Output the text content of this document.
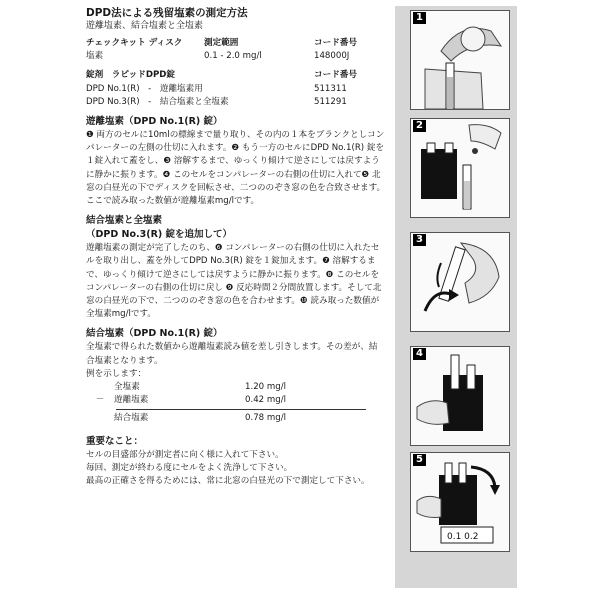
DPD法による残留塩素の測定方法
遊離塩素、結合塩素と全塩素
チェックキット ディスク	測定範囲	コード番号
塩素	0.1 - 2.0 mg/l	148000J
錠剤　ラピッドDPD錠	コード番号
DPD No.1(R)　-　遊離塩素用	511311
DPD No.3(R)　-　結合塩素と全塩素	511291
遊離塩素（DPD No.1(R) 錠）
❶ 両方のセルに10mlの標線まで量り取り、その内の１本をブランクとしコンパレーターの左側の仕切に入れます。❷ もう一方のセルにDPD No.1(R) 錠を１錠入れて蓋をし、❸ 溶解するまで、ゆっくり傾けて逆さにしては戻すように静かに振ります。❹ このセルをコンパレーターの右側の仕切に入れて❺ 北窓の白昼光の下でディスクを回転させ、二つののぞき窓の色を合致させます。ここで読み取った数値が遊離塩素mg/lです。
結合塩素と全塩素
（DPD No.3(R) 錠を追加して）
遊離塩素の測定が完了したのち、❻ コンパレーターの右側の仕切に入れたセルを取り出し、蓋を外してDPD No.3(R) 錠を１錠加えます。❼ 溶解するまで、ゆっくり傾けて逆さにしては戻すように静かに振ります。❽ このセルをコンパレーターの右側の仕切に戻し ❾ 反応時間２分間放置します。そして北窓の白昼光の下で、二つののぞき窓の色を合わせます。❿ 読み取った数値が全塩素mg/lです。
結合塩素（DPD No.1(R) 錠）
全塩素で得られた数値から遊離塩素読み値を差し引きします。その差が、結合塩素となります。
例を示します：
全塩素	1.20 mg/l
－	遊離塩素	0.42 mg/l
結合塩素	0.78 mg/l
重要なこと：

セルの目盛部分が測定者に向く様に入れて下さい。

毎回、測定が終わる度にセルをよく洗浄して下さい。

最高の正確さを得るためには、常に北窓の白昼光の下で測定して下さい。

1
2
3
4
0.1 0.2
5
